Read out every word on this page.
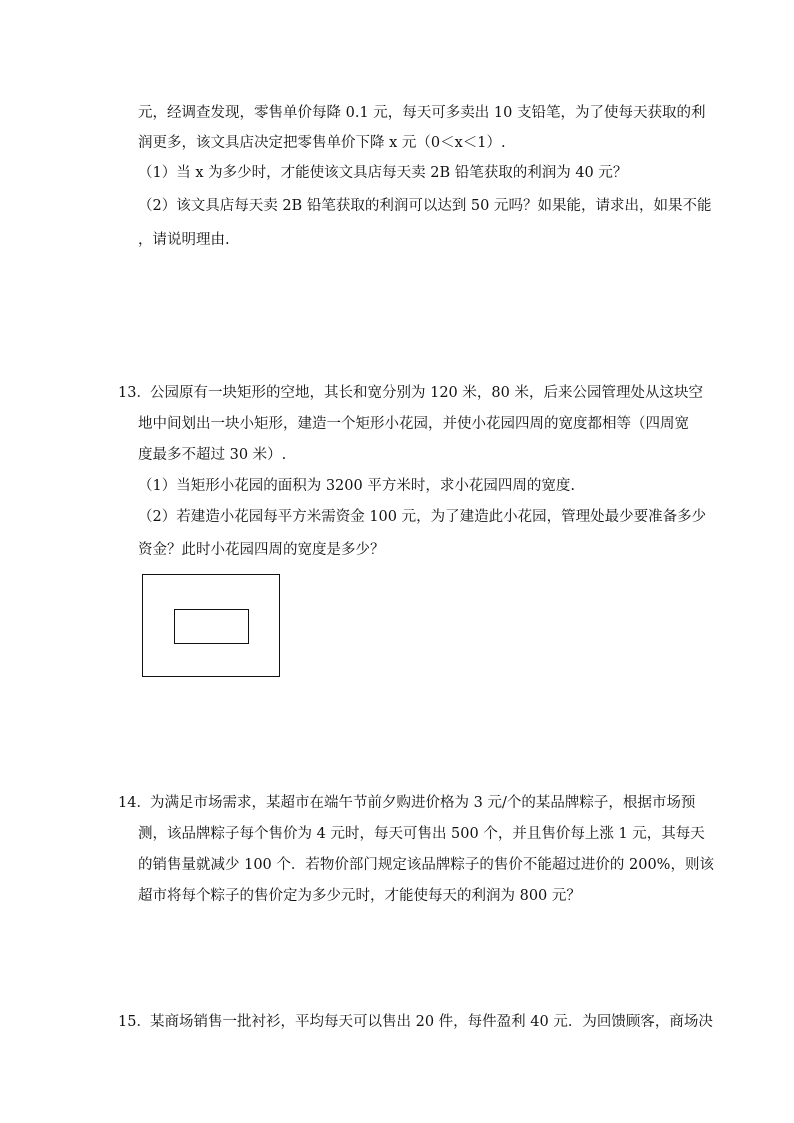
元，经调查发现，零售单价每降 0.1 元，每天可多卖出 10 支铅笔，为了使每天获取的利
润更多，该文具店决定把零售单价下降 x 元（0＜x＜1）.
（1）当 x 为多少时，才能使该文具店每天卖 2B 铅笔获取的利润为 40 元？
（2）该文具店每天卖 2B 铅笔获取的利润可以达到 50 元吗？如果能，请求出，如果不能
，请说明理由.
13． 公园原有一块矩形的空地，其长和宽分别为 120 米，80 米，后来公园管理处从这块空
地中间划出一块小矩形，建造一个矩形小花园，并使小花园四周的宽度都相等（四周宽
度最多不超过 30 米）.
（1）当矩形小花园的面积为 3200 平方米时，求小花园四周的宽度.
（2）若建造小花园每平方米需资金 100 元，为了建造此小花园，管理处最少要准备多少
资金？此时小花园四周的宽度是多少？
14． 为满足市场需求，某超市在端午节前夕购进价格为 3 元/个的某品牌粽子，根据市场预
测，该品牌粽子每个售价为 4 元时，每天可售出 500 个，并且售价每上涨 1 元，其每天
的销售量就减少 100 个．若物价部门规定该品牌粽子的售价不能超过进价的 200%，则该
超市将每个粽子的售价定为多少元时，才能使每天的利润为 800 元？
15． 某商场销售一批衬衫，平均每天可以售出 20 件，每件盈利 40 元．为回馈顾客，商场决
